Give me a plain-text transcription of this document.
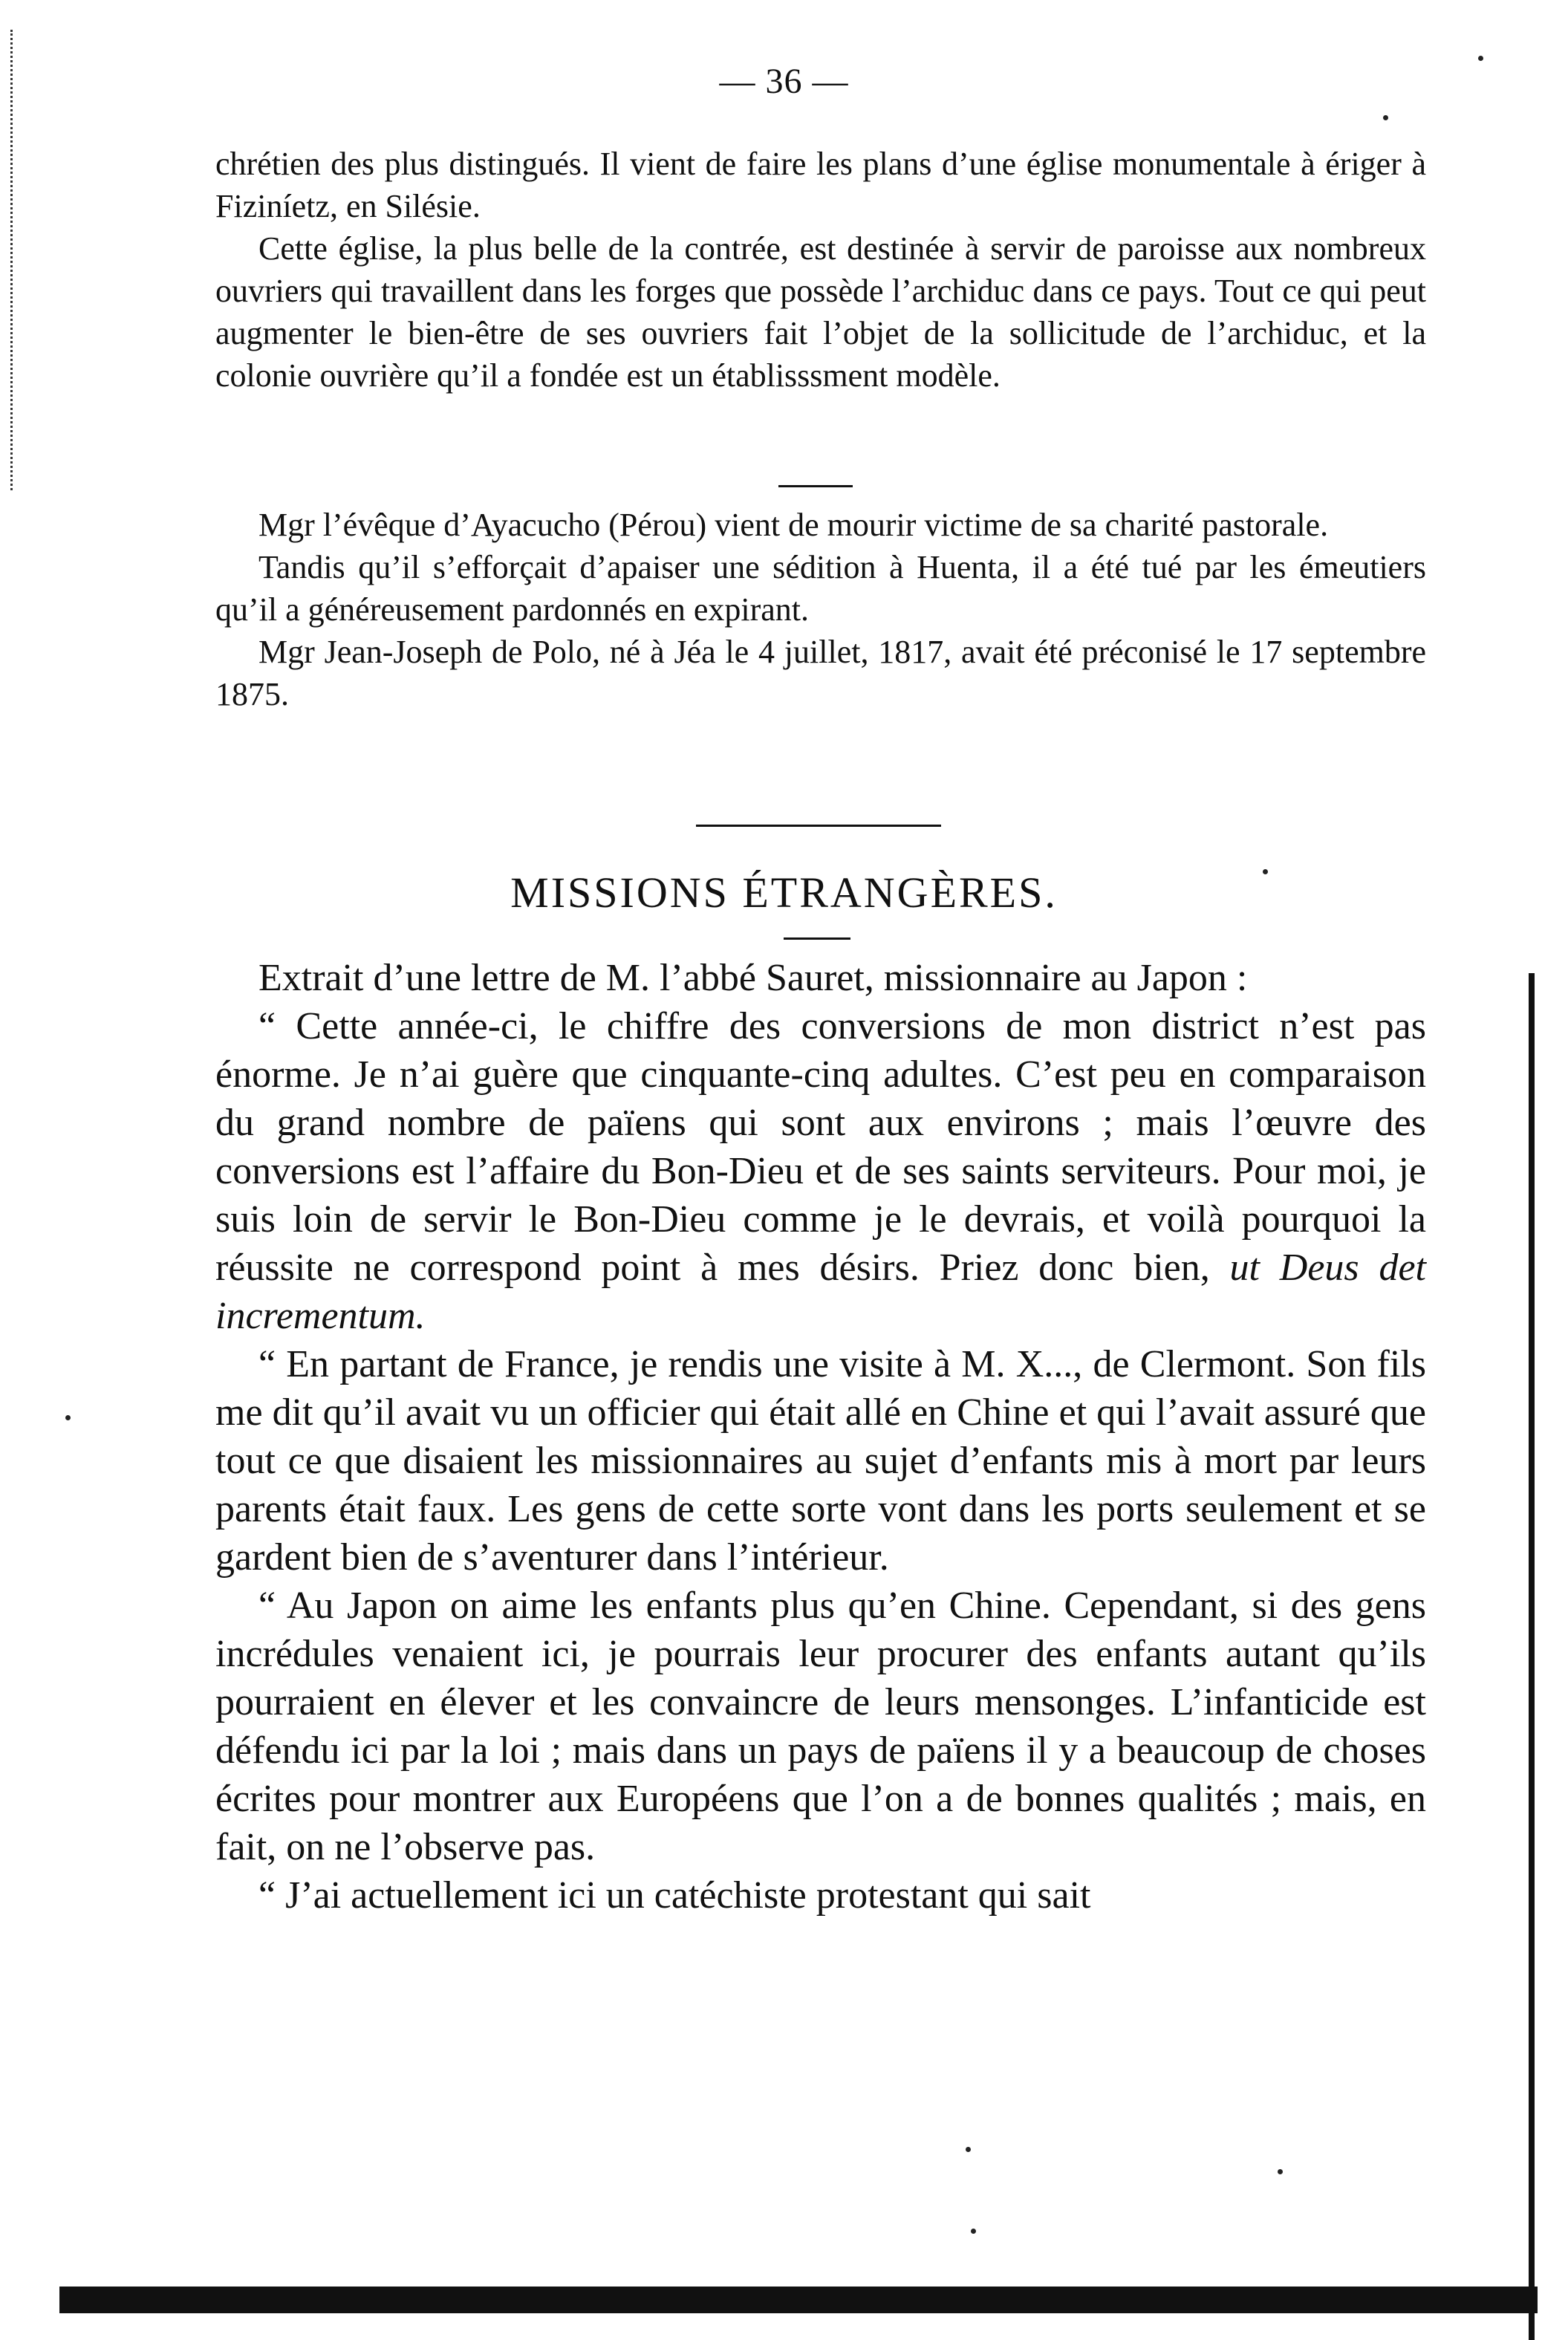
— 36 —

chrétien des plus distingués. Il vient de faire les plans d’une église monumentale à ériger à Fiziníetz, en Silésie.

Cette église, la plus belle de la contrée, est destinée à servir de paroisse aux nombreux ouvriers qui travaillent dans les forges que possède l’archiduc dans ce pays. Tout ce qui peut augmenter le bien-être de ses ouvriers fait l’objet de la sollicitude de l’archiduc, et la colonie ouvrière qu’il a fondée est un établisssment modèle.

Mgr l’évêque d’Ayacucho (Pérou) vient de mourir victime de sa charité pastorale.

Tandis qu’il s’efforçait d’apaiser une sédition à Huenta, il a été tué par les émeutiers qu’il a généreusement pardonnés en expirant.

Mgr Jean-Joseph de Polo, né à Jéa le 4 juillet, 1817, avait été préconisé le 17 septembre 1875.

MISSIONS ÉTRANGÈRES.

Extrait d’une lettre de M. l’abbé Sauret, missionnaire au Japon :

“ Cette année-ci, le chiffre des conversions de mon district n’est pas énorme. Je n’ai guère que cinquante-cinq adultes. C’est peu en comparaison du grand nombre de païens qui sont aux environs ; mais l’œuvre des conversions est l’affaire du Bon-Dieu et de ses saints serviteurs. Pour moi, je suis loin de servir le Bon-Dieu comme je le devrais, et voilà pourquoi la réussite ne correspond point à mes désirs. Priez donc bien, ut Deus det incrementum.

“ En partant de France, je rendis une visite à M. X..., de Clermont. Son fils me dit qu’il avait vu un officier qui était allé en Chine et qui l’avait assuré que tout ce que disaient les missionnaires au sujet d’enfants mis à mort par leurs parents était faux. Les gens de cette sorte vont dans les ports seulement et se gardent bien de s’aventurer dans l’intérieur.

“ Au Japon on aime les enfants plus qu’en Chine. Cependant, si des gens incrédules venaient ici, je pourrais leur procurer des enfants autant qu’ils pourraient en élever et les convaincre de leurs mensonges. L’infanticide est défendu ici par la loi ; mais dans un pays de païens il y a beaucoup de choses écrites pour montrer aux Européens que l’on a de bonnes qualités ; mais, en fait, on ne l’observe pas.

“ J’ai actuellement ici un catéchiste protestant qui sait
